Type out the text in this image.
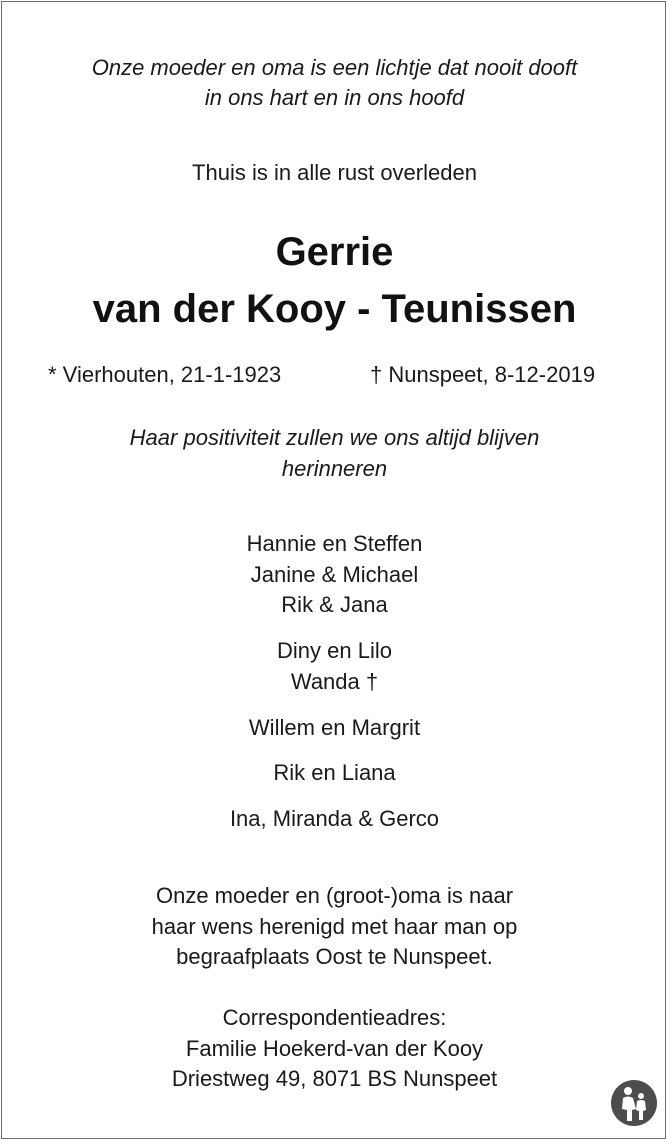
Onze moeder en oma is een lichtje dat nooit dooft
in ons hart en in ons hoofd
Thuis is in alle rust overleden
Gerrie
van der Kooy - Teunissen
* Vierhouten, 21-1-1923	† Nunspeet, 8-12-2019
Haar positiviteit zullen we ons altijd blijven
herinneren
Hannie en Steffen
Janine & Michael
Rik & Jana
Diny en Lilo
Wanda †
Willem en Margrit
Rik en Liana
Ina, Miranda & Gerco
Onze moeder en (groot-)oma is naar
haar wens herenigd met haar man op
begraafplaats Oost te Nunspeet.
Correspondentieadres:
Familie Hoekerd-van der Kooy
Driestweg 49, 8071 BS Nunspeet
